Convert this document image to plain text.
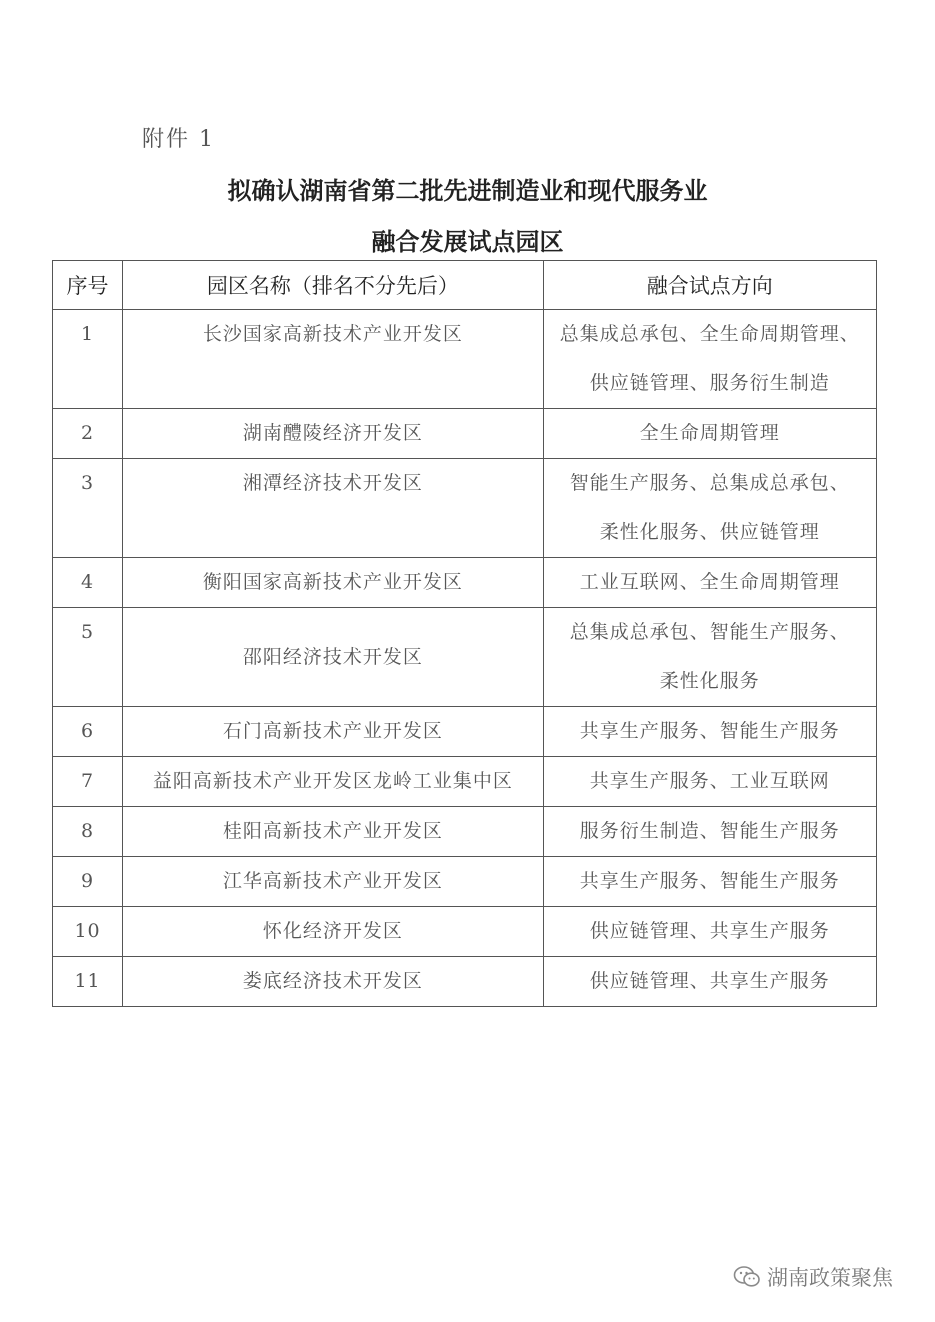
附件 1
拟确认湖南省第二批先进制造业和现代服务业
融合发展试点园区
序号	园区名称（排名不分先后）	融合试点方向
1	长沙国家高新技术产业开发区	总集成总承包、全生命周期管理、
供应链管理、服务衍生制造

2	湖南醴陵经济开发区	全生命周期管理

3	湘潭经济技术开发区	智能生产服务、总集成总承包、
柔性化服务、供应链管理

4	衡阳国家高新技术产业开发区	工业互联网、全生命周期管理

5	邵阳经济技术开发区	总集成总承包、智能生产服务、
柔性化服务

6	石门高新技术产业开发区	共享生产服务、智能生产服务

7	益阳高新技术产业开发区龙岭工业集中区	共享生产服务、工业互联网

8	桂阳高新技术产业开发区	服务衍生制造、智能生产服务

9	江华高新技术产业开发区	共享生产服务、智能生产服务

10	怀化经济开发区	供应链管理、共享生产服务

11	娄底经济技术开发区	供应链管理、共享生产服务
湖南政策聚焦
